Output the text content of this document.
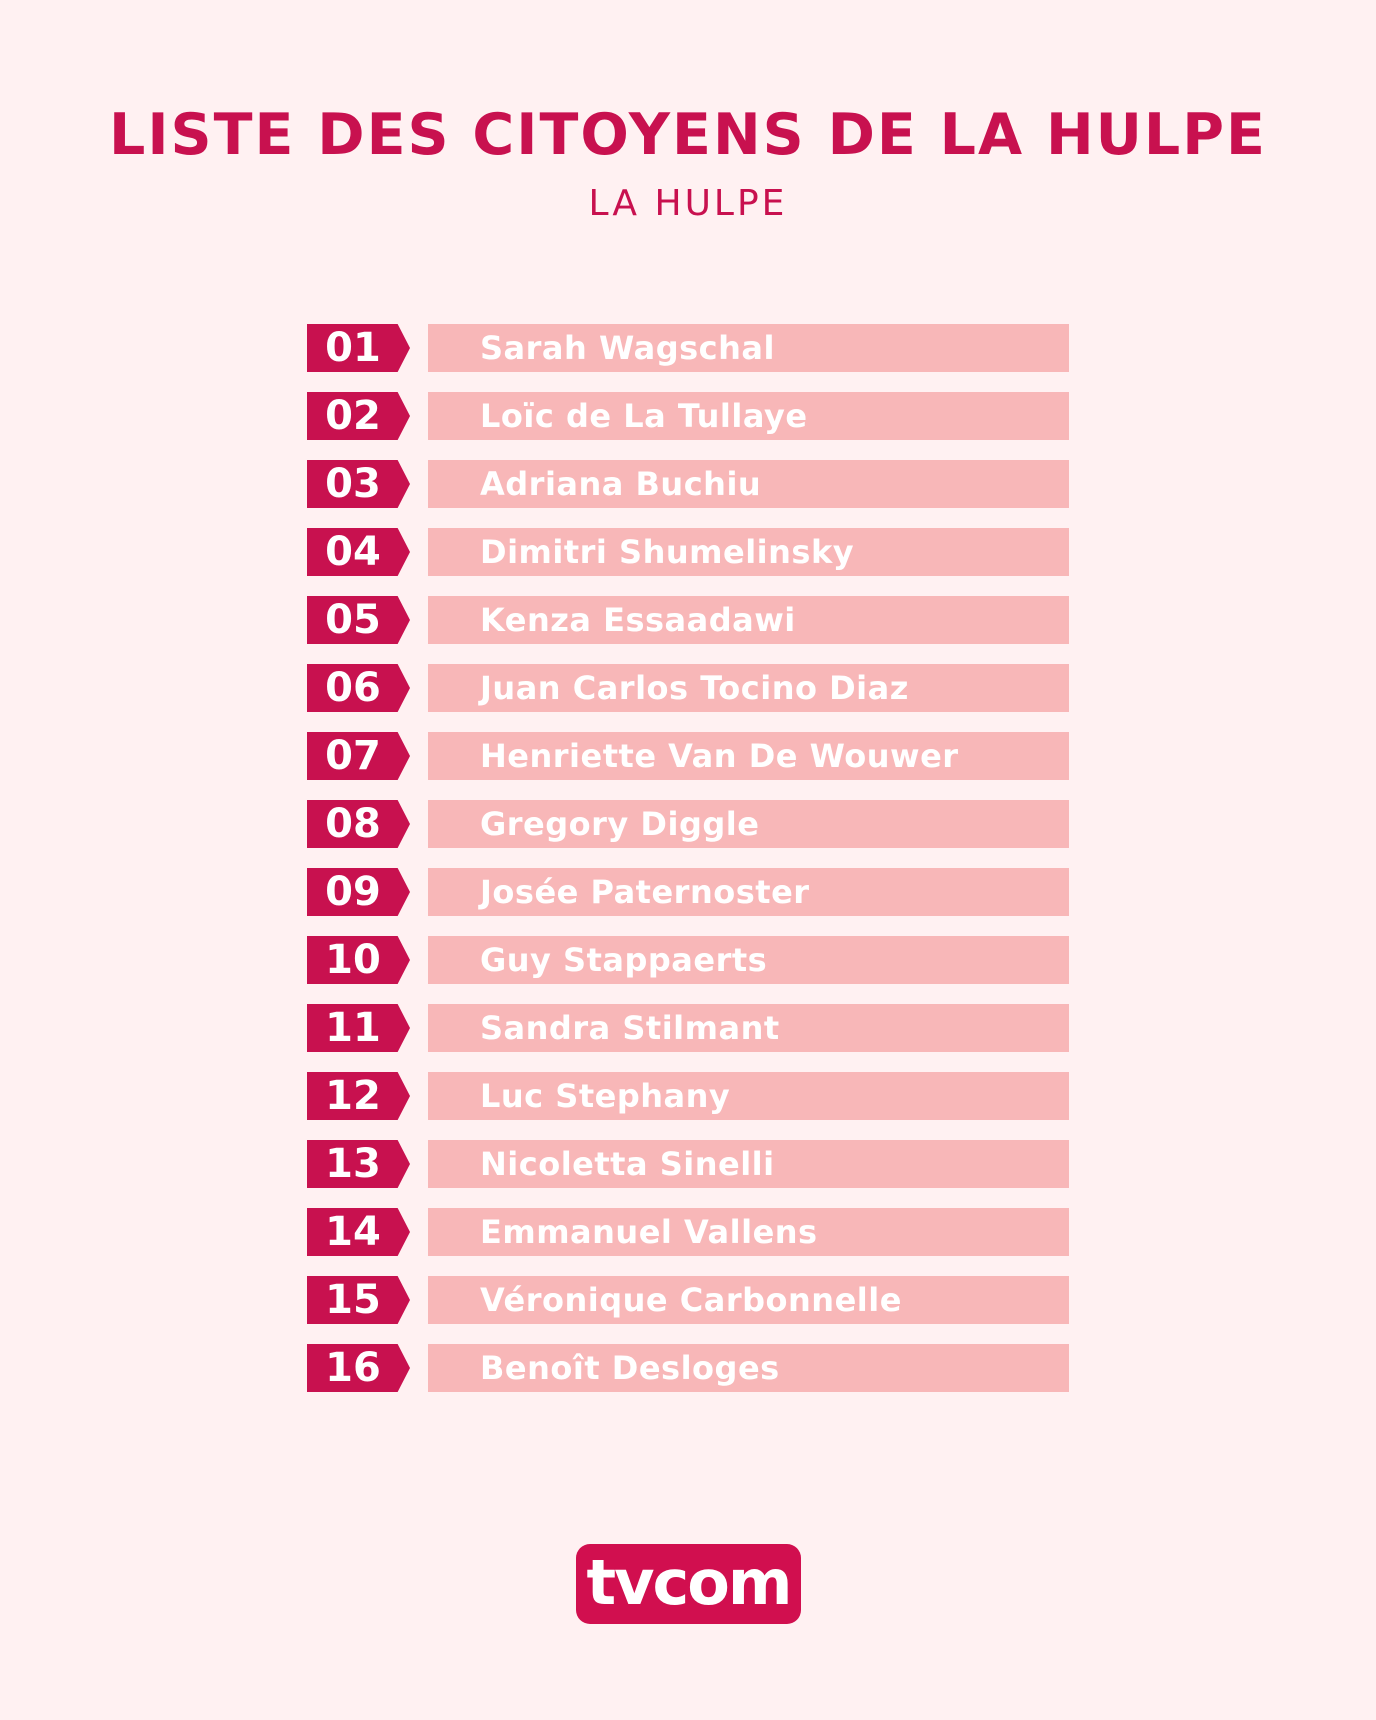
LISTE DES CITOYENS DE LA HULPE
LA HULPE
01	Sarah Wagschal
02	Loïc de La Tullaye
03	Adriana Buchiu
04	Dimitri Shumelinsky
05	Kenza Essaadawi
06	Juan Carlos Tocino Diaz
07	Henriette Van De Wouwer
08	Gregory Diggle
09	Josée Paternoster
10	Guy Stappaerts
11	Sandra Stilmant
12	Luc Stephany
13	Nicoletta Sinelli
14	Emmanuel Vallens
15	Véronique Carbonnelle
16	Benoît Desloges
tvcom
